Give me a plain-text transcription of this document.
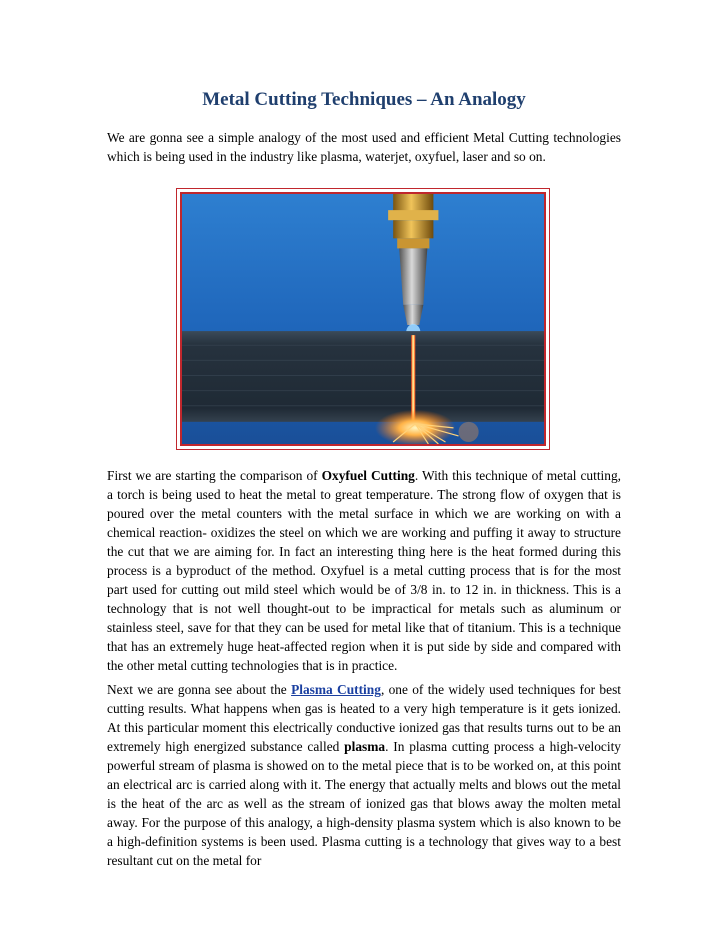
Metal Cutting Techniques – An Analogy

We are gonna see a simple analogy of the most used and efficient Metal Cutting technologies which is being used in the industry like plasma, waterjet, oxyfuel, laser and so on.

First we are starting the comparison of Oxyfuel Cutting. With this technique of metal cutting, a torch is being used to heat the metal to great temperature. The strong flow of oxygen that is poured over the metal counters with the metal surface in which we are working on with a chemical reaction- oxidizes the steel on which we are working and puffing it away to structure the cut that we are aiming for. In fact an interesting thing here is the heat formed during this process is a byproduct of the method. Oxyfuel is a metal cutting process that is for the most part used for cutting out mild steel which would be of 3/8 in. to 12 in. in thickness. This is a technology that is not well thought-out to be impractical for metals such as aluminum or stainless steel, save for that they can be used for metal like that of titanium. This is a technique that has an extremely huge heat-affected region when it is put side by side and compared with the other metal cutting technologies that is in practice.

Next we are gonna see about the Plasma Cutting, one of the widely used techniques for best cutting results. What happens when gas is heated to a very high temperature is it gets ionized. At this particular moment this electrically conductive ionized gas that results turns out to be an extremely high energized substance called plasma. In plasma cutting process a high-velocity powerful stream of plasma is showed on to the metal piece that is to be worked on, at this point an electrical arc is carried along with it. The energy that actually melts and blows out the metal is the heat of the arc as well as the stream of ionized gas that blows away the molten metal away. For the purpose of this analogy, a high-density plasma system which is also known to be a high-definition systems is been used. Plasma cutting is a technology that gives way to a best resultant cut on the metal for
